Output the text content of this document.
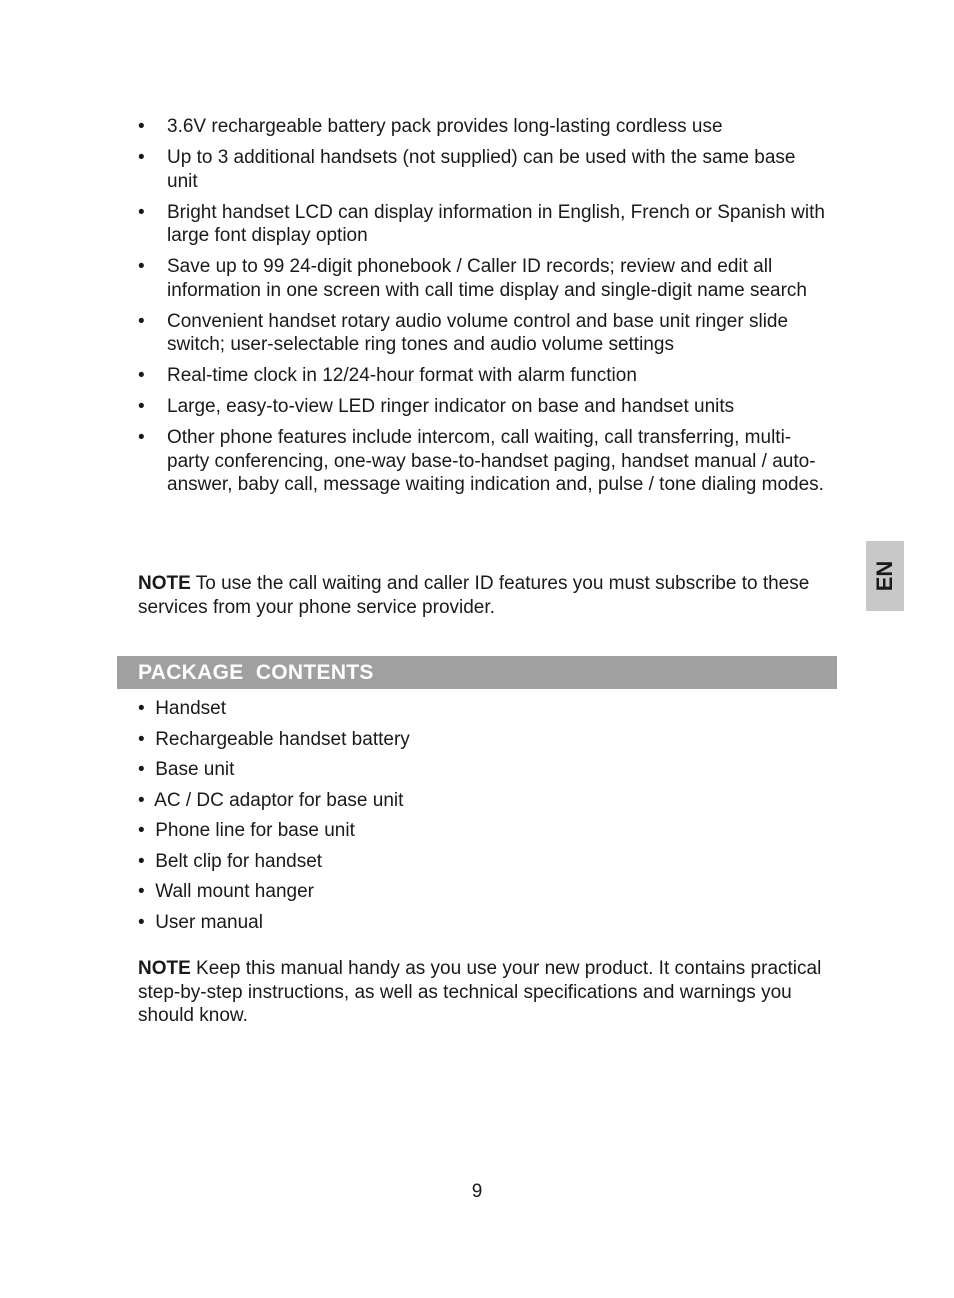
• 3.6V rechargeable battery pack provides long-lasting cordless use
• Up to 3 additional handsets (not supplied) can be used with the same base unit
• Bright handset LCD can display information in English, French or Spanish with large font display option
• Save up to 99 24-digit phonebook / Caller ID records; review and edit all information in one screen with call time display and single-digit name search
• Convenient handset rotary audio volume control and base unit ringer slide switch; user-selectable ring tones and audio volume settings
• Real-time clock in 12/24-hour format with alarm function
• Large, easy-to-view LED ringer indicator on base and handset units
• Other phone features include intercom, call waiting, call transferring, multi- party conferencing, one-way base-to-handset paging, handset manual / auto-answer, baby call, message waiting indication and, pulse / tone dialing modes.

NOTE To use the call waiting and caller ID features you must subscribe to these services from your phone service provider.

PACKAGE  CONTENTS
•  Handset
•  Rechargeable handset battery
•  Base unit
•  AC / DC adaptor for base unit
•  Phone line for base unit
•  Belt clip for handset
•  Wall mount hanger
•  User manual

NOTE Keep this manual handy as you use your new product. It contains practical step-by-step instructions, as well as technical specifications and warnings you should know.

EN
9
